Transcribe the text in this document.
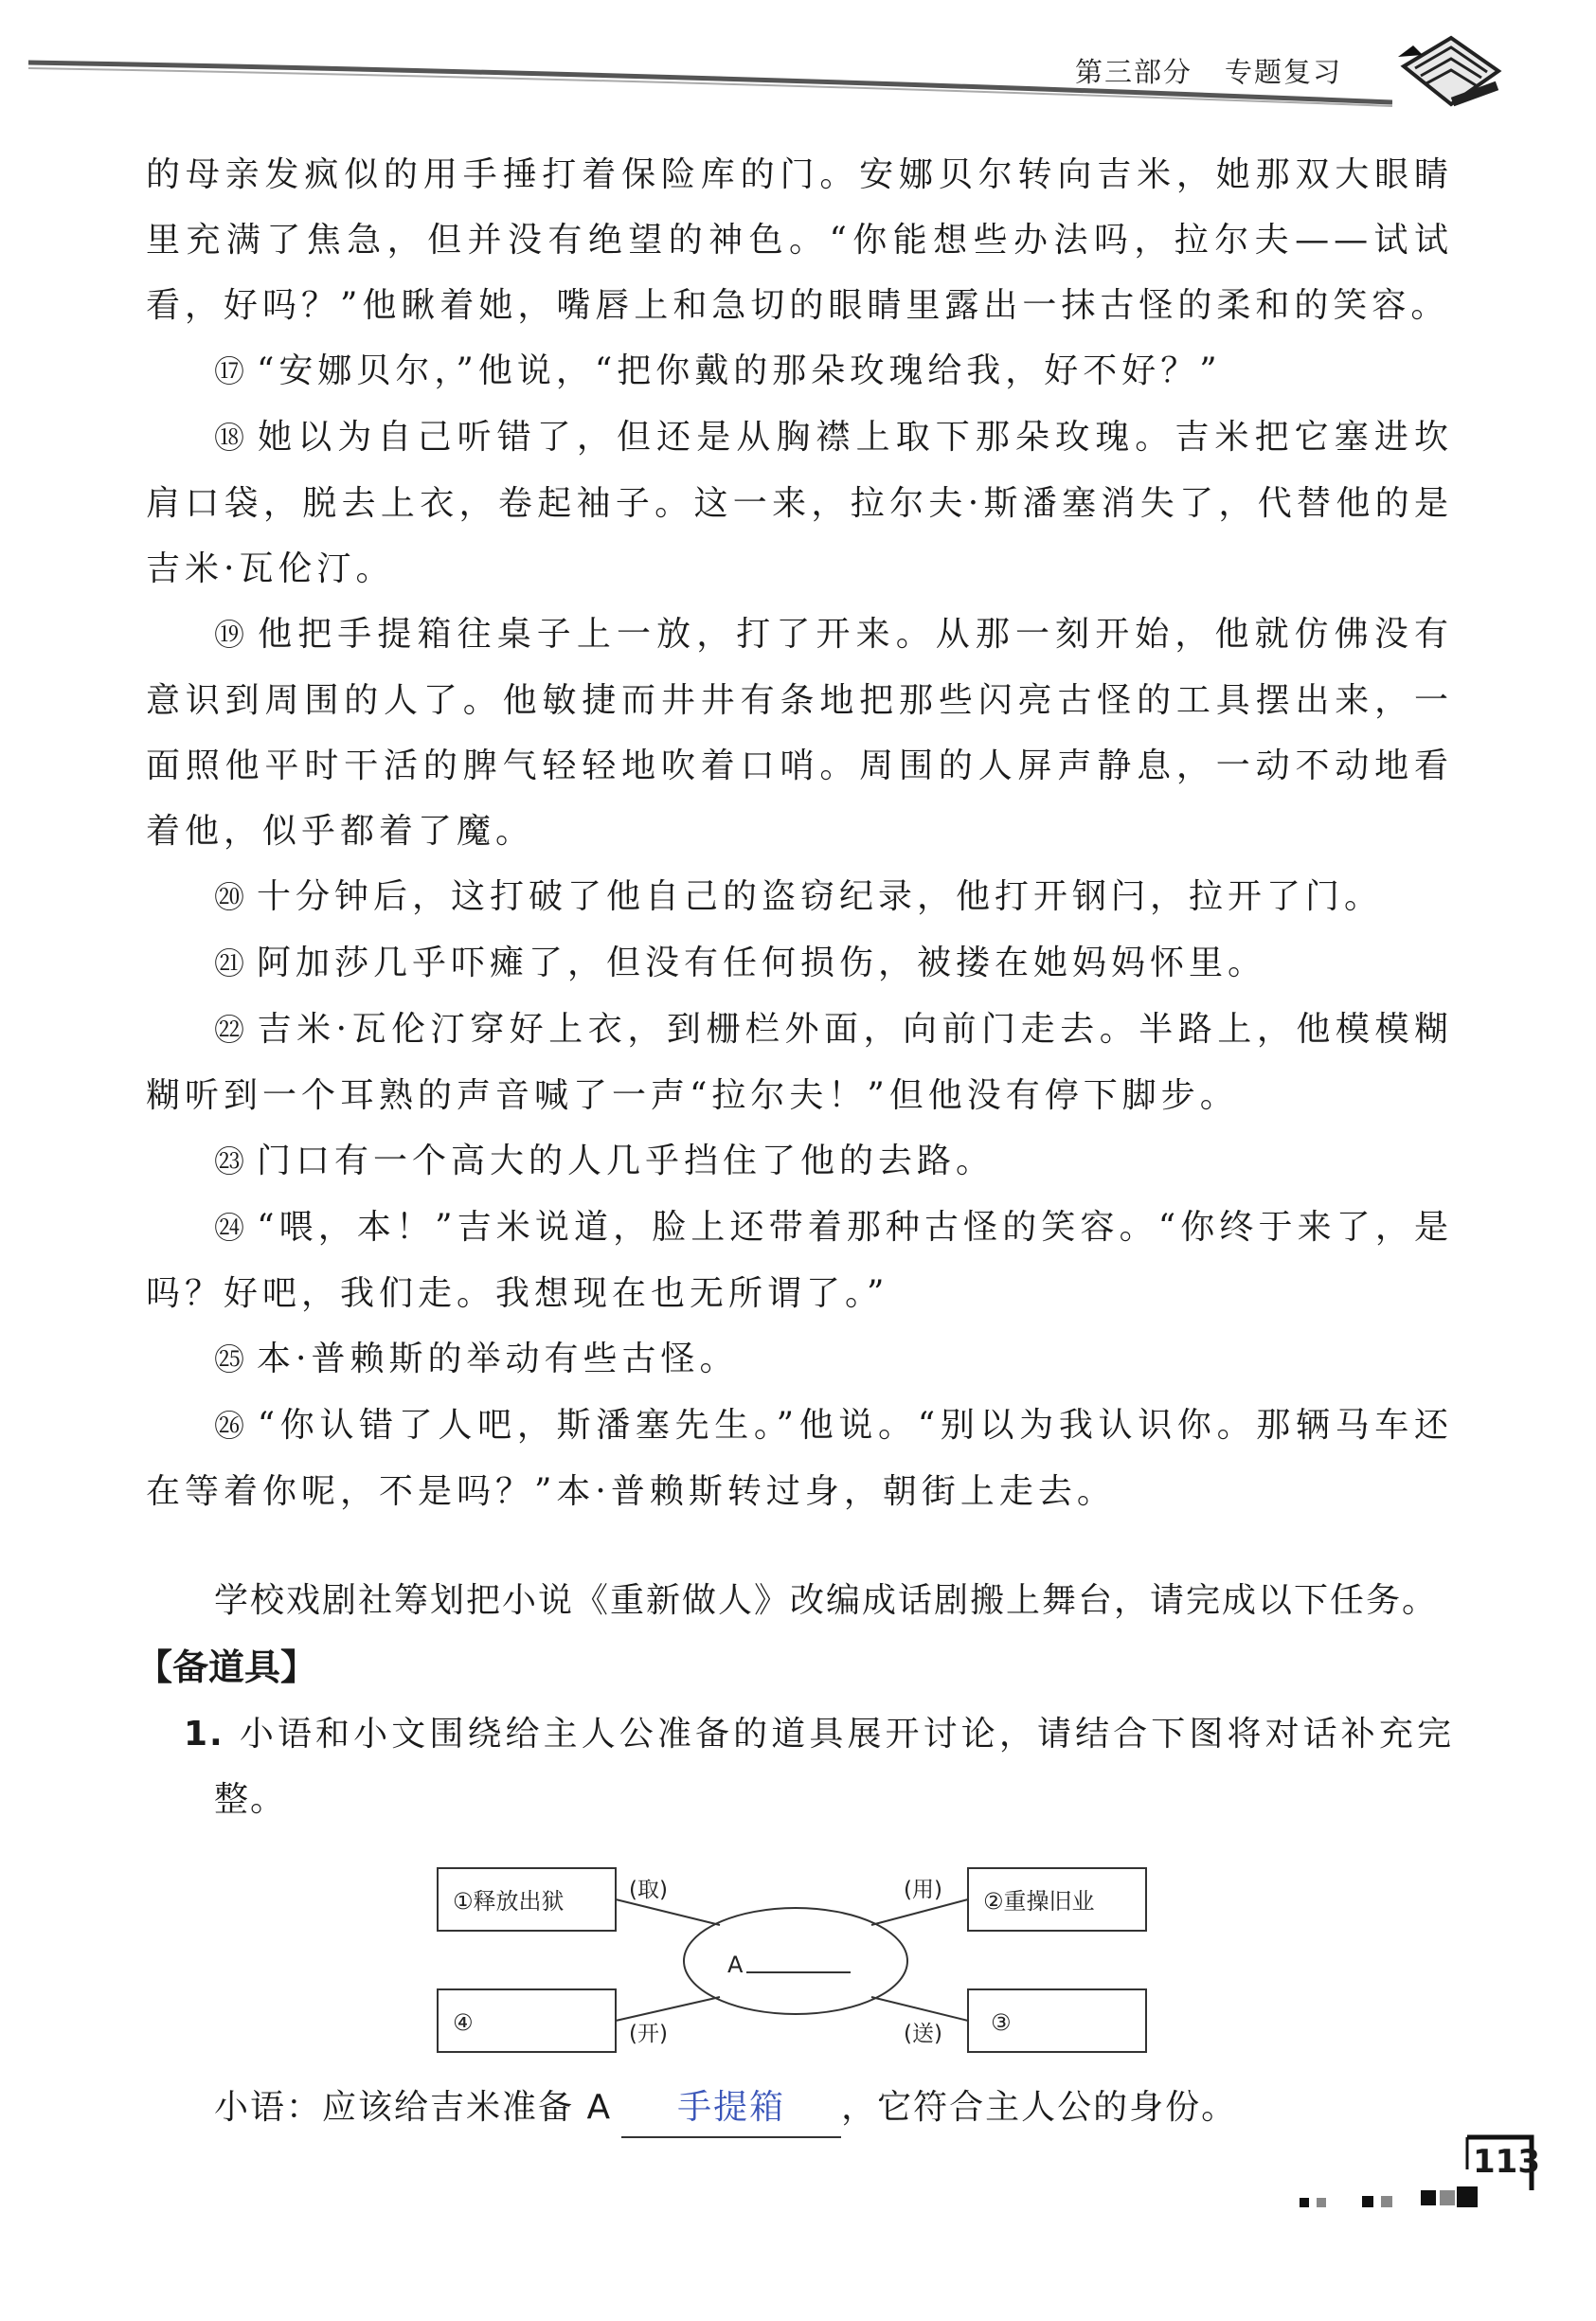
第三部分 专题复习

的母亲发疯似的用手捶打着保险库的门。安娜贝尔转向吉米，她那双大眼睛里充满了焦急，但并没有绝望的神色。“你能想些办法吗，拉尔夫——试试看，好吗？”他瞅着她，嘴唇上和急切的眼睛里露出一抹古怪的柔和的笑容。

⑰ “安娜贝尔，”他说，“把你戴的那朵玫瑰给我，好不好？”

⑱ 她以为自己听错了，但还是从胸襟上取下那朵玫瑰。吉米把它塞进坎肩口袋，脱去上衣，卷起袖子。这一来，拉尔夫·斯潘塞消失了，代替他的是吉米·瓦伦汀。

⑲ 他把手提箱往桌子上一放，打了开来。从那一刻开始，他就仿佛没有意识到周围的人了。他敏捷而井井有条地把那些闪亮古怪的工具摆出来，一面照他平时干活的脾气轻轻地吹着口哨。周围的人屏声静息，一动不动地看着他，似乎都着了魔。

⑳ 十分钟后，这打破了他自己的盗窃纪录，他打开钢闩，拉开了门。

㉑ 阿加莎几乎吓瘫了，但没有任何损伤，被搂在她妈妈怀里。

㉒ 吉米·瓦伦汀穿好上衣，到栅栏外面，向前门走去。半路上，他模模糊糊听到一个耳熟的声音喊了一声“拉尔夫！”但他没有停下脚步。

㉓ 门口有一个高大的人几乎挡住了他的去路。

㉔ “喂，本！”吉米说道，脸上还带着那种古怪的笑容。“你终于来了，是吗？好吧，我们走。我想现在也无所谓了。”

㉕ 本·普赖斯的举动有些古怪。

㉖ “你认错了人吧，斯潘塞先生。”他说。“别以为我认识你。那辆马车还在等着你呢，不是吗？”本·普赖斯转过身，朝街上走去。

学校戏剧社筹划把小说《重新做人》改编成话剧搬上舞台，请完成以下任务。

【备道具】

1. 小语和小文围绕给主人公准备的道具展开讨论，请结合下图将对话补充完整。

①释放出狱	②重操旧业
④	③
A
(取)	(用)
(开)	(送)
小语：应该给吉米准备 A 手提箱 ，它符合主人公的身份。
113
